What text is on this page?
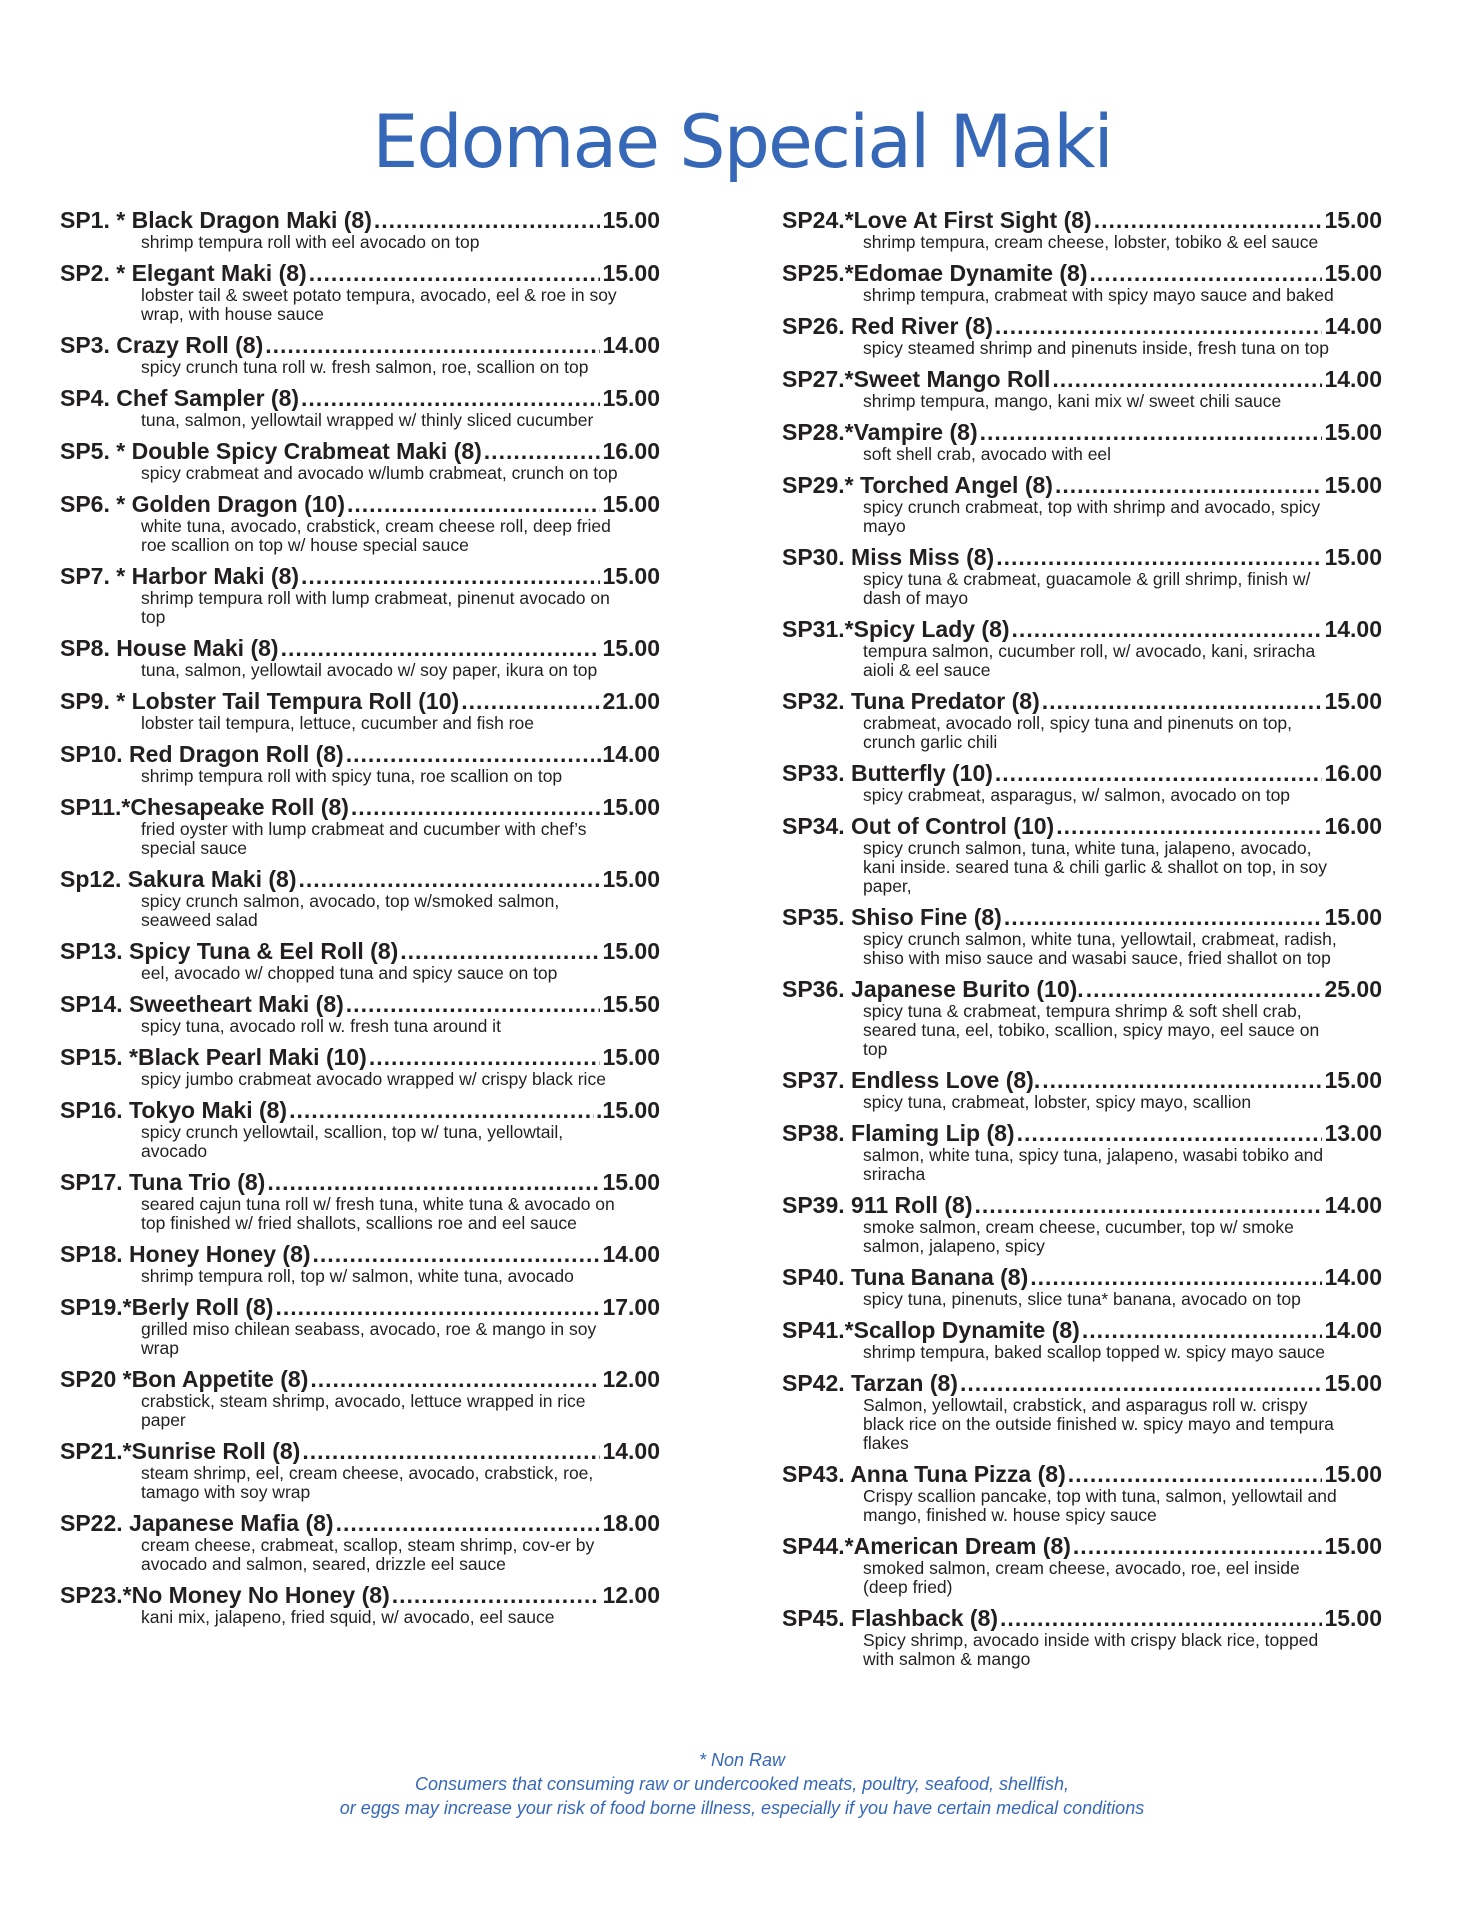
Edomae Special Maki
SP1. * Black Dragon Maki (8) .....	15.00
shrimp tempura roll with eel avocado on top
SP2. * Elegant Maki (8) .....	15.00
lobster tail & sweet potato tempura, avocado, eel & roe in soy wrap, with house sauce
SP3. Crazy Roll (8) .....	14.00
spicy crunch tuna roll w. fresh salmon, roe, scallion on top
SP4. Chef Sampler (8) .....	15.00
tuna, salmon, yellowtail wrapped w/ thinly sliced cucumber
SP5. * Double Spicy Crabmeat Maki (8) .....	16.00
spicy crabmeat and avocado w/lumb crabmeat, crunch on top
SP6. * Golden Dragon (10) .....	15.00
white tuna, avocado, crabstick, cream cheese roll, deep fried roe scallion on top w/ house special sauce
SP7. * Harbor Maki (8) .....	15.00
shrimp tempura roll with lump crabmeat, pinenut avocado on top
SP8. House Maki (8) .....	15.00
tuna, salmon, yellowtail avocado w/ soy paper, ikura on top
SP9. * Lobster Tail Tempura Roll (10) .....	21.00
lobster tail tempura, lettuce, cucumber and fish roe
SP10. Red Dragon Roll (8) .....	.14.00
shrimp tempura roll with spicy tuna, roe scallion on top
SP11.*Chesapeake Roll (8) .....	15.00
fried oyster with lump crabmeat and cucumber with chef’s special sauce
Sp12. Sakura Maki (8) .....	15.00
spicy crunch salmon, avocado, top w/smoked salmon, seaweed salad
SP13. Spicy Tuna & Eel Roll (8) .....	15.00
eel, avocado w/ chopped tuna and spicy sauce on top
SP14. Sweetheart Maki (8) .....	15.50
spicy tuna, avocado roll w. fresh tuna around it
SP15. *Black Pearl Maki (10) .....	15.00
spicy jumbo crabmeat avocado wrapped w/ crispy black rice
SP16. Tokyo Maki (8) .....	.15.00
spicy crunch yellowtail, scallion, top w/ tuna, yellowtail, avocado
SP17. Tuna Trio (8) .....	15.00
seared cajun tuna roll w/ fresh tuna, white tuna & avocado on top finished w/ fried shallots, scallions roe and eel sauce
SP18. Honey Honey (8) .....	14.00
shrimp tempura roll, top w/ salmon, white tuna, avocado
SP19.*Berly Roll (8) .....	17.00
grilled miso chilean seabass, avocado, roe & mango in soy wrap
SP20 *Bon Appetite (8) .....	12.00
crabstick, steam shrimp, avocado, lettuce wrapped in rice paper
SP21.*Sunrise Roll (8) .....	14.00
steam shrimp, eel, cream cheese, avocado, crabstick, roe, tamago with soy wrap
SP22. Japanese Mafia (8) .....	18.00
cream cheese, crabmeat, scallop, steam shrimp, cov-er by avocado and salmon, seared, drizzle eel sauce
SP23.*No Money No Honey (8) .....	12.00
kani mix, jalapeno, fried squid, w/ avocado, eel sauce
SP24.*Love At First Sight (8) .....	15.00
shrimp tempura, cream cheese, lobster, tobiko & eel sauce
SP25.*Edomae Dynamite (8) .....	15.00
shrimp tempura, crabmeat with spicy mayo sauce and baked
SP26. Red River (8) .....	14.00
spicy steamed shrimp and pinenuts inside, fresh tuna on top
SP27.*Sweet Mango Roll .....	14.00
shrimp tempura, mango, kani mix w/ sweet chili sauce
SP28.*Vampire (8) .....	15.00
soft shell crab, avocado with eel
SP29.* Torched Angel (8) .....	15.00
spicy crunch crabmeat, top with shrimp and avocado, spicy mayo
SP30. Miss Miss (8) .....	15.00
spicy tuna & crabmeat, guacamole & grill shrimp, finish w/ dash of mayo
SP31.*Spicy Lady (8) .....	14.00
tempura salmon, cucumber roll, w/ avocado, kani, sriracha aioli & eel sauce
SP32. Tuna Predator (8) .....	15.00
crabmeat, avocado roll, spicy tuna and pinenuts on top, crunch garlic chili
SP33. Butterfly (10) .....	16.00
spicy crabmeat, asparagus, w/ salmon, avocado on top
SP34. Out of Control (10) .....	16.00
spicy crunch salmon, tuna, white tuna, jalapeno, avocado, kani inside. seared tuna & chili garlic & shallot on top, in soy paper,
SP35. Shiso Fine (8) .....	15.00
spicy crunch salmon, white tuna, yellowtail, crabmeat, radish, shiso with miso sauce and wasabi sauce, fried shallot on top
SP36. Japanese Burito (10). .....	25.00
spicy tuna & crabmeat, tempura shrimp & soft shell crab, seared tuna, eel, tobiko, scallion, spicy mayo, eel sauce on top
SP37. Endless Love (8). .....	15.00
spicy tuna, crabmeat, lobster, spicy mayo, scallion
SP38. Flaming Lip (8) .....	13.00
salmon, white tuna, spicy tuna, jalapeno, wasabi tobiko and sriracha
SP39. 911 Roll (8) .....	14.00
smoke salmon, cream cheese, cucumber, top w/ smoke salmon, jalapeno, spicy
SP40. Tuna Banana (8) .....	14.00
spicy tuna, pinenuts, slice tuna* banana, avocado on top
SP41.*Scallop Dynamite (8) .....	14.00
shrimp tempura, baked scallop topped w. spicy mayo sauce
SP42. Tarzan (8) .....	15.00
Salmon, yellowtail, crabstick, and asparagus roll w. crispy black rice on the outside finished w. spicy mayo and tempura flakes
SP43. Anna Tuna Pizza (8) .....	15.00
Crispy scallion pancake, top with tuna, salmon, yellowtail and mango, finished w. house spicy sauce
SP44.*American Dream (8) .....	15.00
smoked salmon, cream cheese, avocado, roe, eel inside (deep fried)
SP45. Flashback (8) .....	15.00
Spicy shrimp, avocado inside with crispy black rice, topped with salmon & mango
* Non Raw
Consumers that consuming raw or undercooked meats, poultry, seafood, shellfish,
or eggs may increase your risk of food borne illness, especially if you have certain medical conditions
